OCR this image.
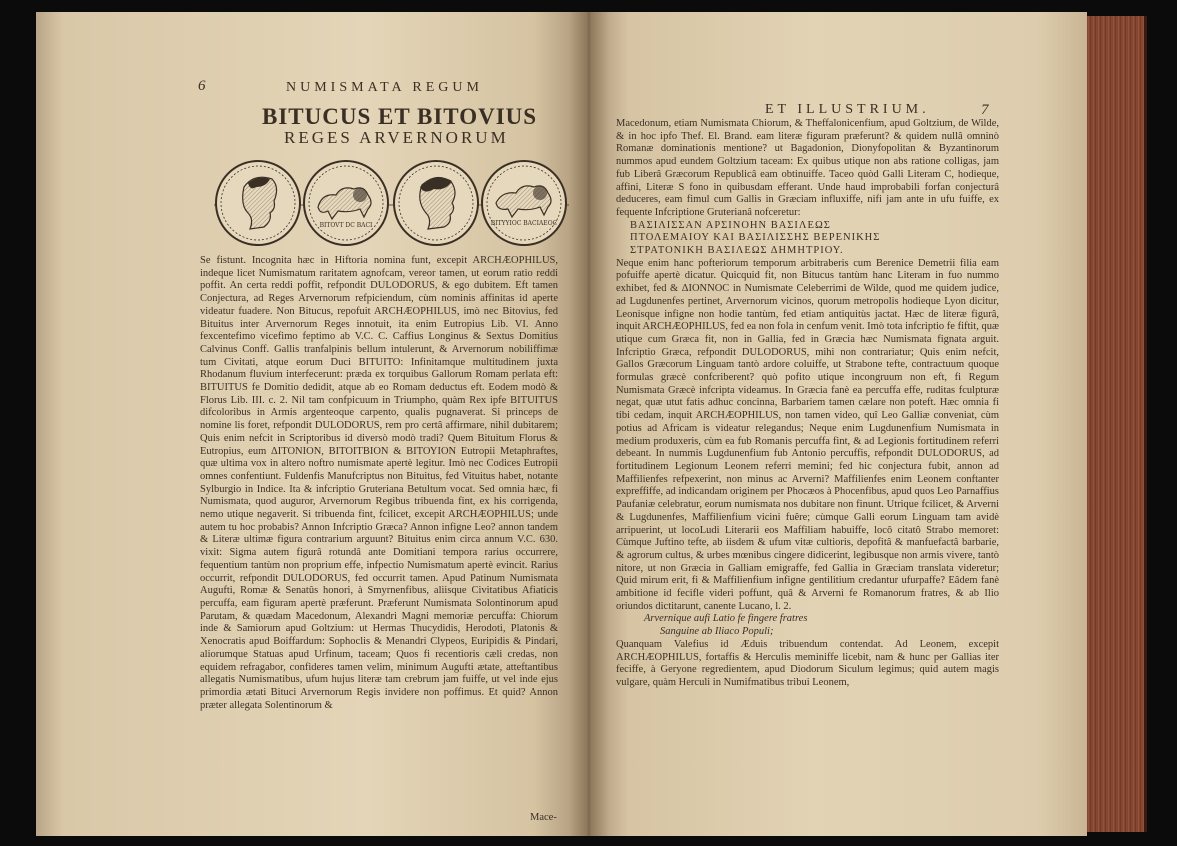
6	NUMISMATA REGUM
BITUCUS ET BITOVIUS
REGES ARVERNORUM
BITOVT DC BACI	BITYYIOC BACIAEOC

Se fistunt. Incognita hæc in Hiftoria nomina funt, excepit ARCHÆOPHILUS, indeque licet Numismatum raritatem agnofcam, vereor tamen, ut eorum ratio reddi poffit. An certa reddi poffit, refpondit DULODORUS, & ego dubitem. Eft tamen Conjectura, ad Reges Arvernorum refpiciendum, cùm nominis affinitas id aperte videatur fuadere. Non Bitucus, repofuit ARCHÆOPHILUS, imò nec Bitovius, fed Bituitus inter Arvernorum Reges innotuit, ita enim Eutropius Lib. VI. Anno fexcentefimo vicefimo feptimo ab V.C. C. Caffius Longinus & Sextus Domitius Calvinus Conff. Gallis tranfalpinis bellum intulerunt, & Arvernorum nobiliffimæ tum Civitati, atque eorum Duci BITUITO: Infinitamque multitudinem juxta Rhodanum fluvium interfecerunt: præda ex torquibus Gallorum Romam perlata eft: BITUITUS fe Domitio dedidit, atque ab eo Romam deductus eft. Eodem modò & Florus Lib. III. c. 2. Nil tam confpicuum in Triumpho, quàm Rex ipfe BITUITUS difcoloribus in Armis argenteoque carpento, qualis pugnaverat. Si princeps de nomine lis foret, refpondit DULODORUS, rem pro certâ affirmare, nihil dubitarem; Quis enim nefcit in Scriptoribus id diversò modò tradi? Quem Bituitum Florus & Eutropius, eum ΔΙΤΟΝΙΟΝ, ΒΙΤΟΙΤΒΙΟΝ & ΒΙΤΟΥΙΟΝ Eutropii Metaphraftes, quæ ultima vox in altero noftro numismate apertè legitur. Imò nec Codices Eutropii omnes confentiunt. Fuldenfis Manufcriptus non Bituitus, fed Vituitus habet, notante Sylburgio in Indice. Ita & infcriptio Gruteriana Betultum vocat. Sed omnia hæc, fi Numismata, quod auguror, Arvernorum Regibus tribuenda fint, ex his corrigenda, nemo utique negaverit. Si tribuenda fint, fcilicet, excepit ARCHÆOPHILUS; unde autem tu hoc probabis? Annon Infcriptio Græca? Annon infigne Leo? annon tandem & Literæ ultimæ figura contrarium arguunt? Bituitus enim circa annum V.C. 630. vixit: Sigma autem figurâ rotundâ ante Domitiani tempora rarius occurrere, fequentium tantùm non proprium effe, infpectio Numismatum apertè evincit. Rarius occurrit, refpondit DULODORUS, fed occurrit tamen. Apud Patinum Numismata Augufti, Romæ & Senatûs honori, à Smyrnenfibus, aliisque Civitatibus Afiaticis percuffa, eam figuram apertè præferunt. Præferunt Numismata Solontinorum apud Parutam, & quædam Macedonum, Alexandri Magni memoriæ percuffa: Chiorum inde & Samiorum apud Goltzium: ut Hermas Thucydidis, Herodoti, Platonis & Xenocratis apud Boiffardum: Sophoclis & Menandri Clypeos, Euripidis & Pindari, aliorumque Statuas apud Urfinum, taceam; Quos fi recentioris cæli credas, non equidem refragabor, confideres tamen velim, minimum Augufti ætate, atteftantibus allegatis Numismatibus, ufum hujus literæ tam crebrum jam fuiffe, ut vel inde ejus primordia ætati Bituci Arvernorum Regis invidere non poffimus. Et quid? Annon præter allegata Solentinorum &

Mace-
ET ILLUSTRIUM.	7

Macedonum, etiam Numismata Chiorum, & Theffalonicenfium, apud Goltzium, de Wilde, & in hoc ipfo Thef. El. Brand. eam literæ figuram præferunt? & quidem nullâ omninò Romanæ dominationis mentione? ut Bagadonion, Dionyfopolitan & Byzantinorum nummos apud eundem Goltzium taceam: Ex quibus utique non abs ratione colligas, jam fub Liberâ Græcorum Republicâ eam obtinuiffe. Taceo quòd Galli Literam C, hodieque, affini, Literæ S fono in quibusdam efferant. Unde haud improbabili forfan conjecturâ deduceres, eam fimul cum Gallis in Græciam influxiffe, nifi jam ante in ufu fuiffe, ex fequente Infcriptione Gruterianâ nofceretur:

ΒΑΣΙΛΙΣΣΑΝ ΑΡΣΙΝΟΗΝ ΒΑΣΙΛΕΩΣ
ΠΤΟΛΕΜΑΙΟΥ ΚΑΙ ΒΑΣΙΛΙΣΣΗΣ ΒΕΡΕΝΙΚΗΣ
ΣΤΡΑΤΟΝΙΚΗ ΒΑΣΙΛΕΩΣ ΔΗΜΗΤΡΙΟΥ.

Neque enim hanc pofteriorum temporum arbitraberis cum Berenice Demetrii filia eam pofuiffe apertè dicatur. Quicquid fit, non Bitucus tantùm hanc Literam in fuo nummo exhibet, fed & ΔΙΟΝΝΟC in Numismate Celeberrimi de Wilde, quod me quidem judice, ad Lugdunenfes pertinet, Arvernorum vicinos, quorum metropolis hodieque Lyon dicitur, Leonisque infigne non hodie tantùm, fed etiam antiquitùs jactat. Hæc de literæ figurâ, inquit ARCHÆOPHILUS, fed ea non fola in cenfum venit. Imò tota infcriptio fe fiftit, quæ utique cum Græca fit, non in Gallia, fed in Græcia hæc Numismata fignata arguit. Infcriptio Græca, refpondit DULODORUS, mihi non contrariatur; Quis enim nefcit, Gallos Græcorum Linguam tantò ardore coluiffe, ut Strabone tefte, contractuum quoque formulas græcè confcriberent? quò pofito utique incongruum non eft, fi Regum Numismata Græcè infcripta videamus. In Græcia fanè ea percuffa effe, ruditas fculpturæ negat, quæ utut fatis adhuc concinna, Barbariem tamen cælare non poteft. Hæc omnia fi tibi cedam, inquit ARCHÆOPHILUS, non tamen video, quî Leo Galliæ conveniat, cùm potius ad Africam is videatur relegandus; Neque enim Lugdunenfium Numismata in medium produxeris, cùm ea fub Romanis percuffa fint, & ad Legionis fortitudinem referri debeant. In nummis Lugdunenfium fub Antonio percuffis, refpondit DULODORUS, ad fortitudinem Legionum Leonem referri memini; fed hic conjectura fubit, annon ad Maffilienfes refpexerint, non minus ac Arverni? Maffilienfes enim Leonem conftanter expreffiffe, ad indicandam originem per Phocæos à Phocenfibus, apud quos Leo Parnaffius Paufaniæ celebratur, eorum numismata nos dubitare non finunt. Utrique fcilicet, & Arverni & Lugdunenfes, Maffilienfium vicini fuêre; cùmque Galli eorum Linguam tam avidè arripuerint, ut locoLudi Literarii eos Maffiliam habuiffe, locô citatô Strabo memoret: Cùmque Juftino tefte, ab iisdem & ufum vitæ cultioris, depofitâ & manfuefactâ barbarie, & agrorum cultus, & urbes mœnibus cingere didicerint, legibusque non armis vivere, tantò nitore, ut non Græcia in Galliam emigraffe, fed Gallia in Græciam translata videretur; Quid mirum erit, fi & Maffilienfium infigne gentilitium credantur ufurpaffe? Eâdem fanè ambitione id fecifle videri poffunt, quâ & Arverni fe Romanorum fratres, & ab Ilio oriundos dictitarunt, canente Lucano, l. 2.

Arvernique aufi Latio fe fingere fratres
Sanguine ab Iliaco Populi;

Quanquam Valefius id Æduis tribuendum contendat. Ad Leonem, excepit ARCHÆOPHILUS, fortaffis & Herculis meminiffe licebit, nam & hunc per Gallias iter feciffe, à Geryone regredientem, apud Diodorum Siculum legimus; quid autem magis vulgare, quàm Herculi in Numifmatibus tribui Leonem,
